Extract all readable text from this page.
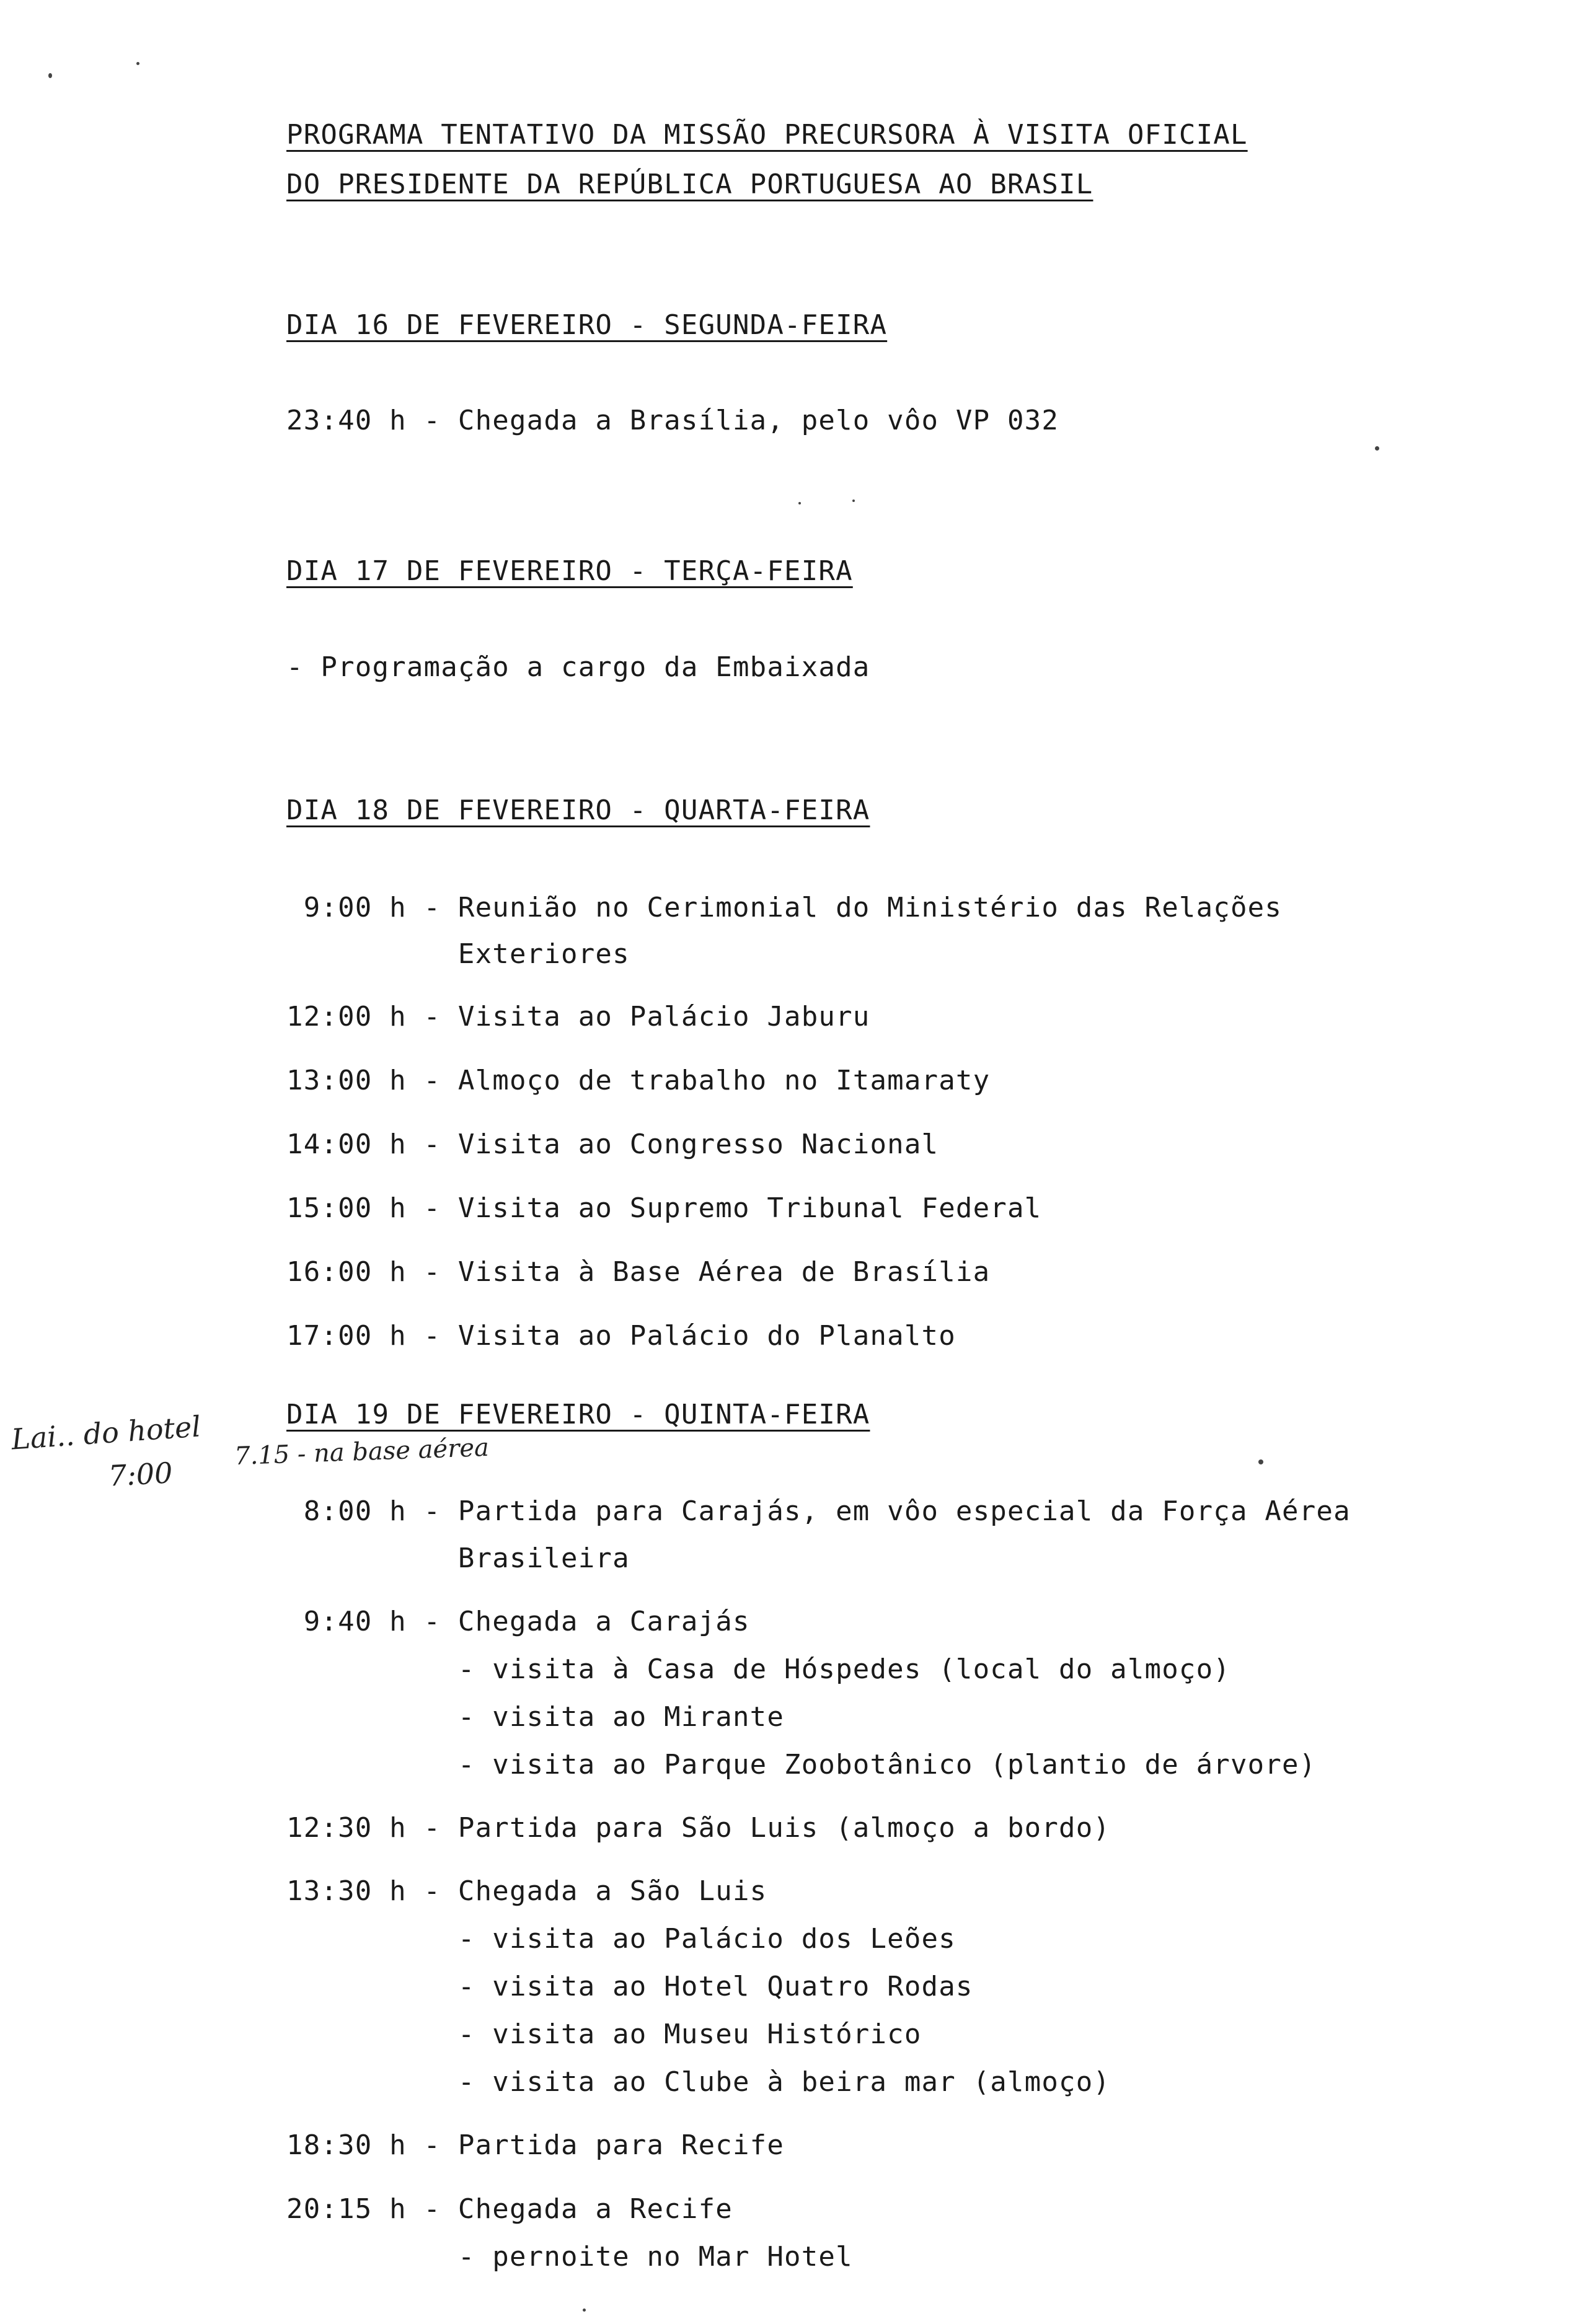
PROGRAMA TENTATIVO DA MISSÃO PRECURSORA À VISITA OFICIAL
DO PRESIDENTE DA REPÚBLICA PORTUGUESA AO BRASIL
DIA 16 DE FEVEREIRO - SEGUNDA-FEIRA
23:40 h - Chegada a Brasília, pelo vôo VP 032
DIA 17 DE FEVEREIRO - TERÇA-FEIRA
- Programação a cargo da Embaixada
DIA 18 DE FEVEREIRO - QUARTA-FEIRA
9:00 h - Reunião no Cerimonial do Ministério das Relações
Exteriores
12:00 h - Visita ao Palácio Jaburu
13:00 h - Almoço de trabalho no Itamaraty
14:00 h - Visita ao Congresso Nacional
15:00 h - Visita ao Supremo Tribunal Federal
16:00 h - Visita à Base Aérea de Brasília
17:00 h - Visita ao Palácio do Planalto
DIA 19 DE FEVEREIRO - QUINTA-FEIRA
8:00 h - Partida para Carajás, em vôo especial da Força Aérea
Brasileira
9:40 h - Chegada a Carajás
- visita à Casa de Hóspedes (local do almoço)
- visita ao Mirante
- visita ao Parque Zoobotânico (plantio de árvore)
12:30 h - Partida para São Luis (almoço a bordo)
13:30 h - Chegada a São Luis
- visita ao Palácio dos Leões
- visita ao Hotel Quatro Rodas
- visita ao Museu Histórico
- visita ao Clube à beira mar (almoço)
18:30 h - Partida para Recife
20:15 h - Chegada a Recife
- pernoite no Mar Hotel
Lai.. do hotel
7:00
7.15 - na base aérea
